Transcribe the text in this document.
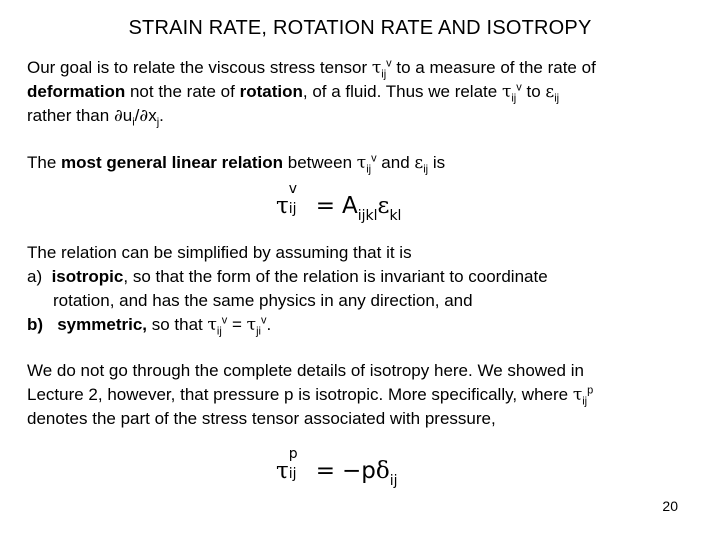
STRAIN RATE, ROTATION RATE AND ISOTROPY
Our goal is to relate the viscous stress tensor $\tau_{ij}^v$ to a measure of the rate of
deformation not the rate of rotation, of a fluid. Thus we relate $\tau_{ij}^v$ to $\varepsilon_{ij}$
rather than $\partial u_i/\partial x_j$.
The most general linear relation between $\tau_{ij}^v$ and $\varepsilon_{ij}$ is
τ
v
ij = $A_{ijkl}\varepsilon_{kl}$
The relation can be simplified by assuming that it is
a) isotropic, so that the form of the relation is invariant to coordinate
rotation, and has the same physics in any direction, and
b) symmetric, so that $\tau_{ij}^v = \tau_{ji}^v$.
We do not go through the complete details of isotropy here. We showed in
Lecture 2, however, that pressure p is isotropic. More specifically, where $\tau_{ij}^p$
denotes the part of the stress tensor associated with pressure,
τ
p
ij = $-p\delta_{ij}$
20
